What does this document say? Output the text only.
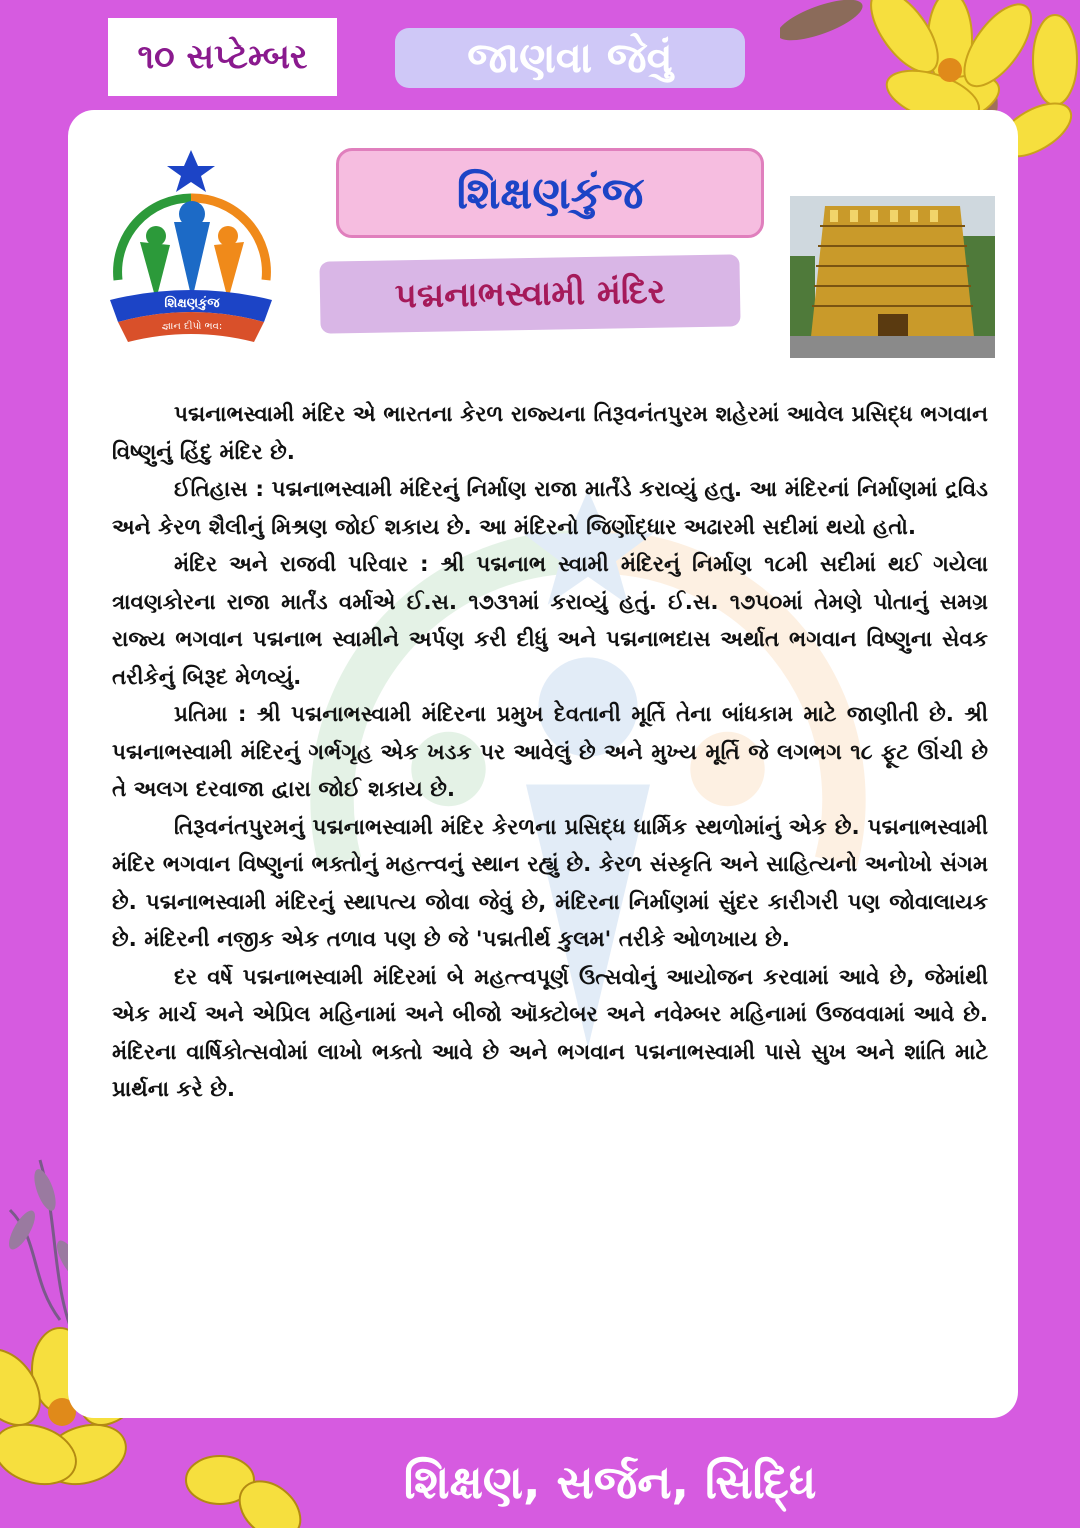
૧૦ સપ્ટેમ્બર	જાણવા જેવું
શિક્ષણકુંજ
જ્ઞાન દીપો ભવ:
શિક્ષણકુંજ
પદ્મનાભસ્વામી મંદિર

પદ્મનાભસ્વામી મંદિર એ ભારતના કેરળ રાજ્યના તિરૂવનંતપુરમ શહેરમાં આવેલ પ્રસિદ્ધ ભગવાન વિષ્ણુનું હિંદુ મંદિર છે.

ઈતિહાસ : પદ્મનાભસ્વામી મંદિરનું નિર્માણ રાજા માર્તંડે કરાવ્યું હતુ. આ મંદિરનાં નિર્માણમાં દ્રવિડ અને કેરળ શૈલીનું મિશ્રણ જોઈ શકાય છે. આ મંદિરનો જિર્ણોદ્ધાર અઢારમી સદીમાં થયો હતો.

મંદિર અને રાજવી પરિવાર : શ્રી પદ્મનાભ સ્વામી મંદિરનું નિર્માણ ૧૮મી સદીમાં થઈ ગયેલા ત્રાવણકોરના રાજા માર્તંડ વર્માએ ઈ.સ. ૧૭૩૧માં કરાવ્યું હતું. ઈ.સ. ૧૭૫૦માં તેમણે પોતાનું સમગ્ર રાજ્ય ભગવાન પદ્મનાભ સ્વામીને અર્પણ કરી દીધું અને પદ્મનાભદાસ અર્થાત ભગવાન વિષ્ણુના સેવક તરીકેનું બિરૂદ મેળવ્યું.

પ્રતિમા : શ્રી પદ્મનાભસ્વામી મંદિરના પ્રમુખ દેવતાની મૂર્તિ તેના બાંધકામ માટે જાણીતી છે. શ્રી પદ્મનાભસ્વામી મંદિરનું ગર્ભગૃહ એક ખડક પર આવેલું છે અને મુખ્ય મૂર્તિ જે લગભગ ૧૮ ફૂટ ઊંચી છે તે અલગ દરવાજા દ્વારા જોઈ શકાય છે.

તિરૂવનંતપુરમનું પદ્મનાભસ્વામી મંદિર કેરળના પ્રસિદ્ધ ધાર્મિક સ્થળોમાંનું એક છે. પદ્મનાભસ્વામી મંદિર ભગવાન વિષ્ણુનાં ભક્તોનું મહત્ત્વનું સ્થાન રહ્યું છે. કેરળ સંસ્કૃતિ અને સાહિત્યનો અનોખો સંગમ છે. પદ્મનાભસ્વામી મંદિરનું સ્થાપત્ય જોવા જેવું છે, મંદિરના નિર્માણમાં સુંદર કારીગરી પણ જોવાલાયક છે. મંદિરની નજીક એક તળાવ પણ છે જે 'પદ્મતીર્થ કુલમ' તરીકે ઓળખાય છે.

દર વર્ષે પદ્મનાભસ્વામી મંદિરમાં બે મહત્ત્વપૂર્ણ ઉત્સવોનું આયોજન કરવામાં આવે છે, જેમાંથી એક માર્ચ અને એપ્રિલ મહિનામાં અને બીજો ઑક્ટોબર અને નવેમ્બર મહિનામાં ઉજવવામાં આવે છે. મંદિરના વાર્ષિકોત્સવોમાં લાખો ભક્તો આવે છે અને ભગવાન પદ્મનાભસ્વામી પાસે સુખ અને શાંતિ માટે પ્રાર્થના કરે છે.

શિક્ષણ, સર્જન, સિદ્ધિ
